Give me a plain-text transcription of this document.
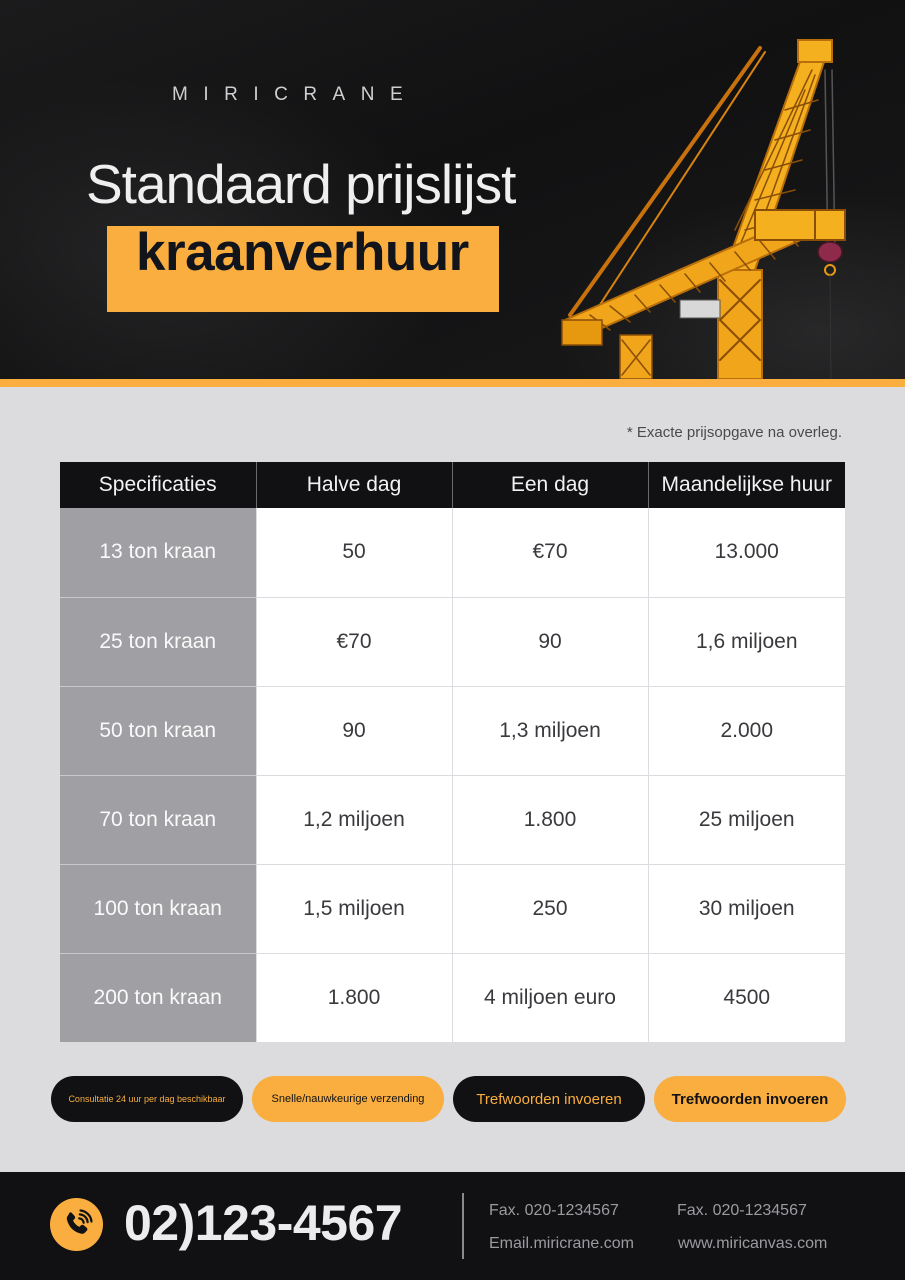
MIRICRANE
Standaard prijslijst
kraanverhuur
* Exacte prijsopgave na overleg.
Specificaties	Halve dag	Een dag	Maandelijkse huur
13 ton kraan	50	€70	13.000
25 ton kraan	€70	90	1,6 miljoen
50 ton kraan	90	1,3 miljoen	2.000
70 ton kraan	1,2 miljoen	1.800	25 miljoen
100 ton kraan	1,5 miljoen	250	30 miljoen
200 ton kraan	1.800	4 miljoen euro	4500
Consultatie 24 uur per dag beschikbaar	Snelle/nauwkeurige verzending	Trefwoorden invoeren	Trefwoorden invoeren
02)123-4567	Fax. 020-1234567
Email.miricrane.com
Fax. 020-1234567
www.miricanvas.com
